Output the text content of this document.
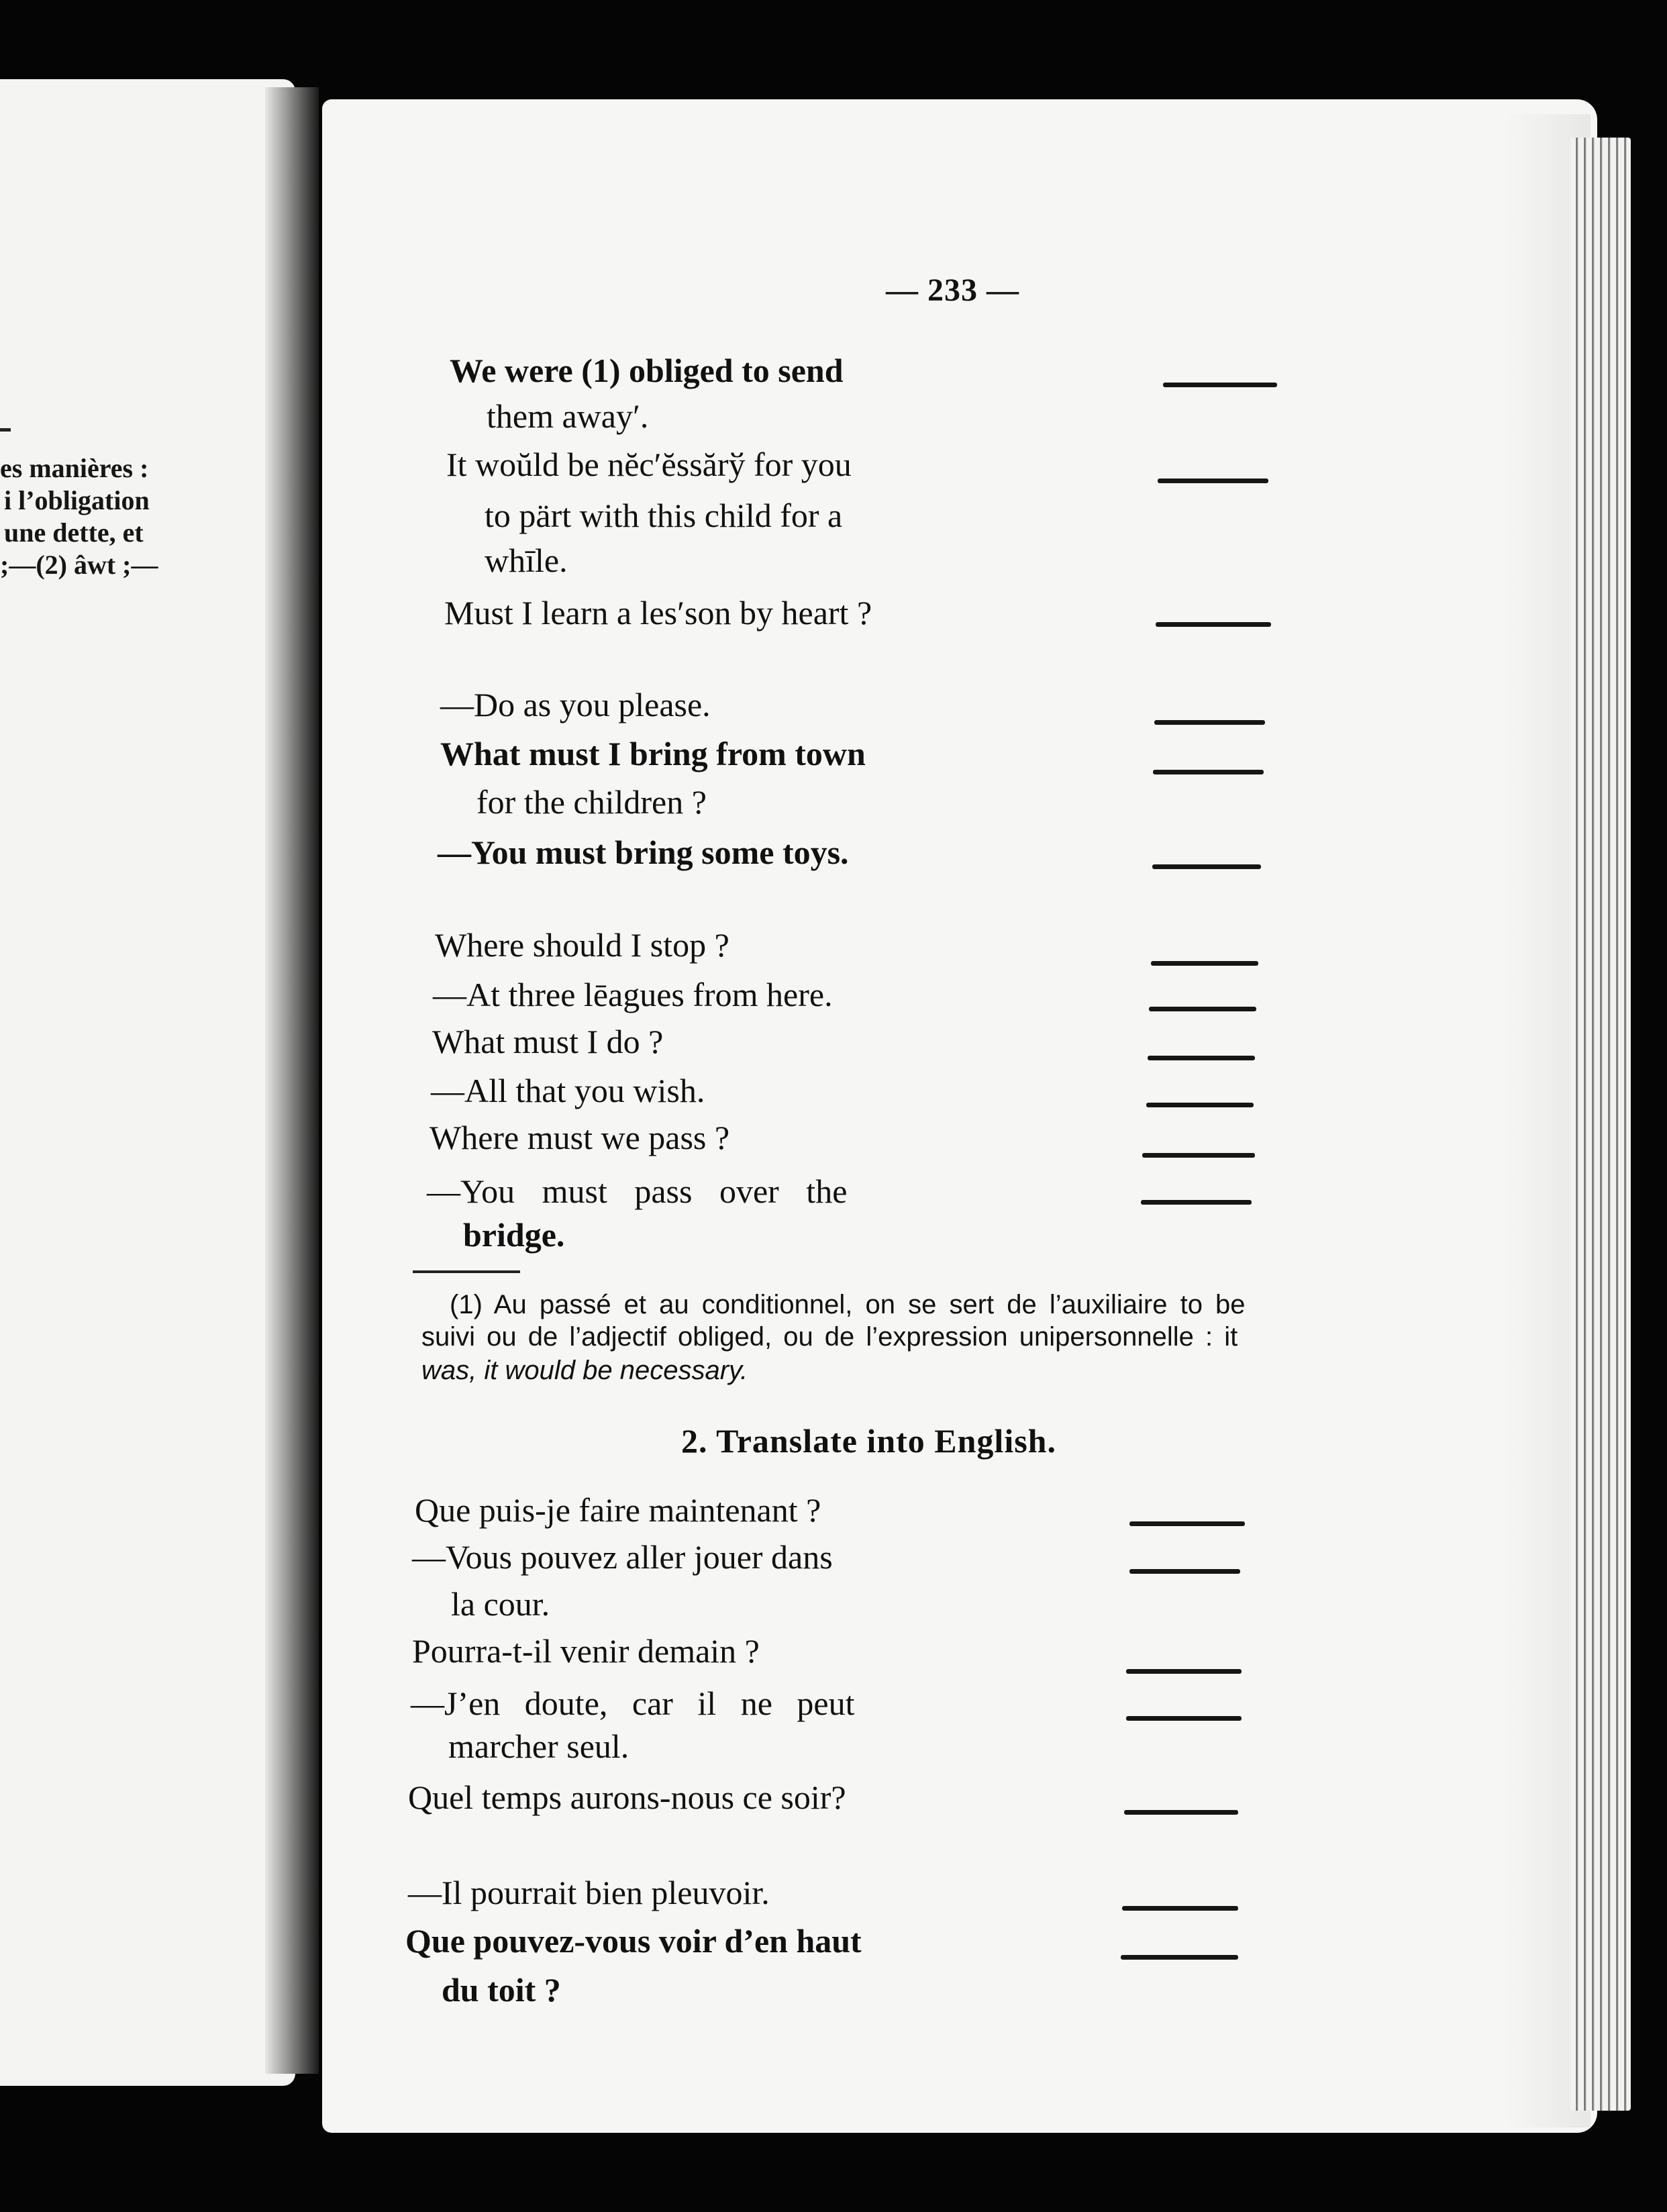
es manières :
i l’obligation
une dette, et
;—(2) âwt ;—
— 233 —
We were (1) obliged to send
them away′.
It woŭld be nĕc′ĕssărў for you
to pärt with this child for a
whīle.
Must I learn a les′son by heart ?
—Do as you please.
What must I bring from town
for the children ?
—You must bring some toys.
Where should I stop ?
—At three lēagues from here.
What must I do ?
—All that you wish.
Where must we pass ?
—You must pass over the
bridge.
(1) Au passé et au conditionnel, on se sert de l’auxiliaire to be
suivi ou de l’adjectif obliged, ou de l’expression unipersonnelle : it
was, it would be necessary.
2. Translate into English.
Que puis-je faire maintenant ?
—Vous pouvez aller jouer dans
la cour.
Pourra-t-il venir demain ?
—J’en doute, car il ne peut
marcher seul.
Quel temps aurons-nous ce soir?
—Il pourrait bien pleuvoir.
Que pouvez-vous voir d’en haut
du toit ?
